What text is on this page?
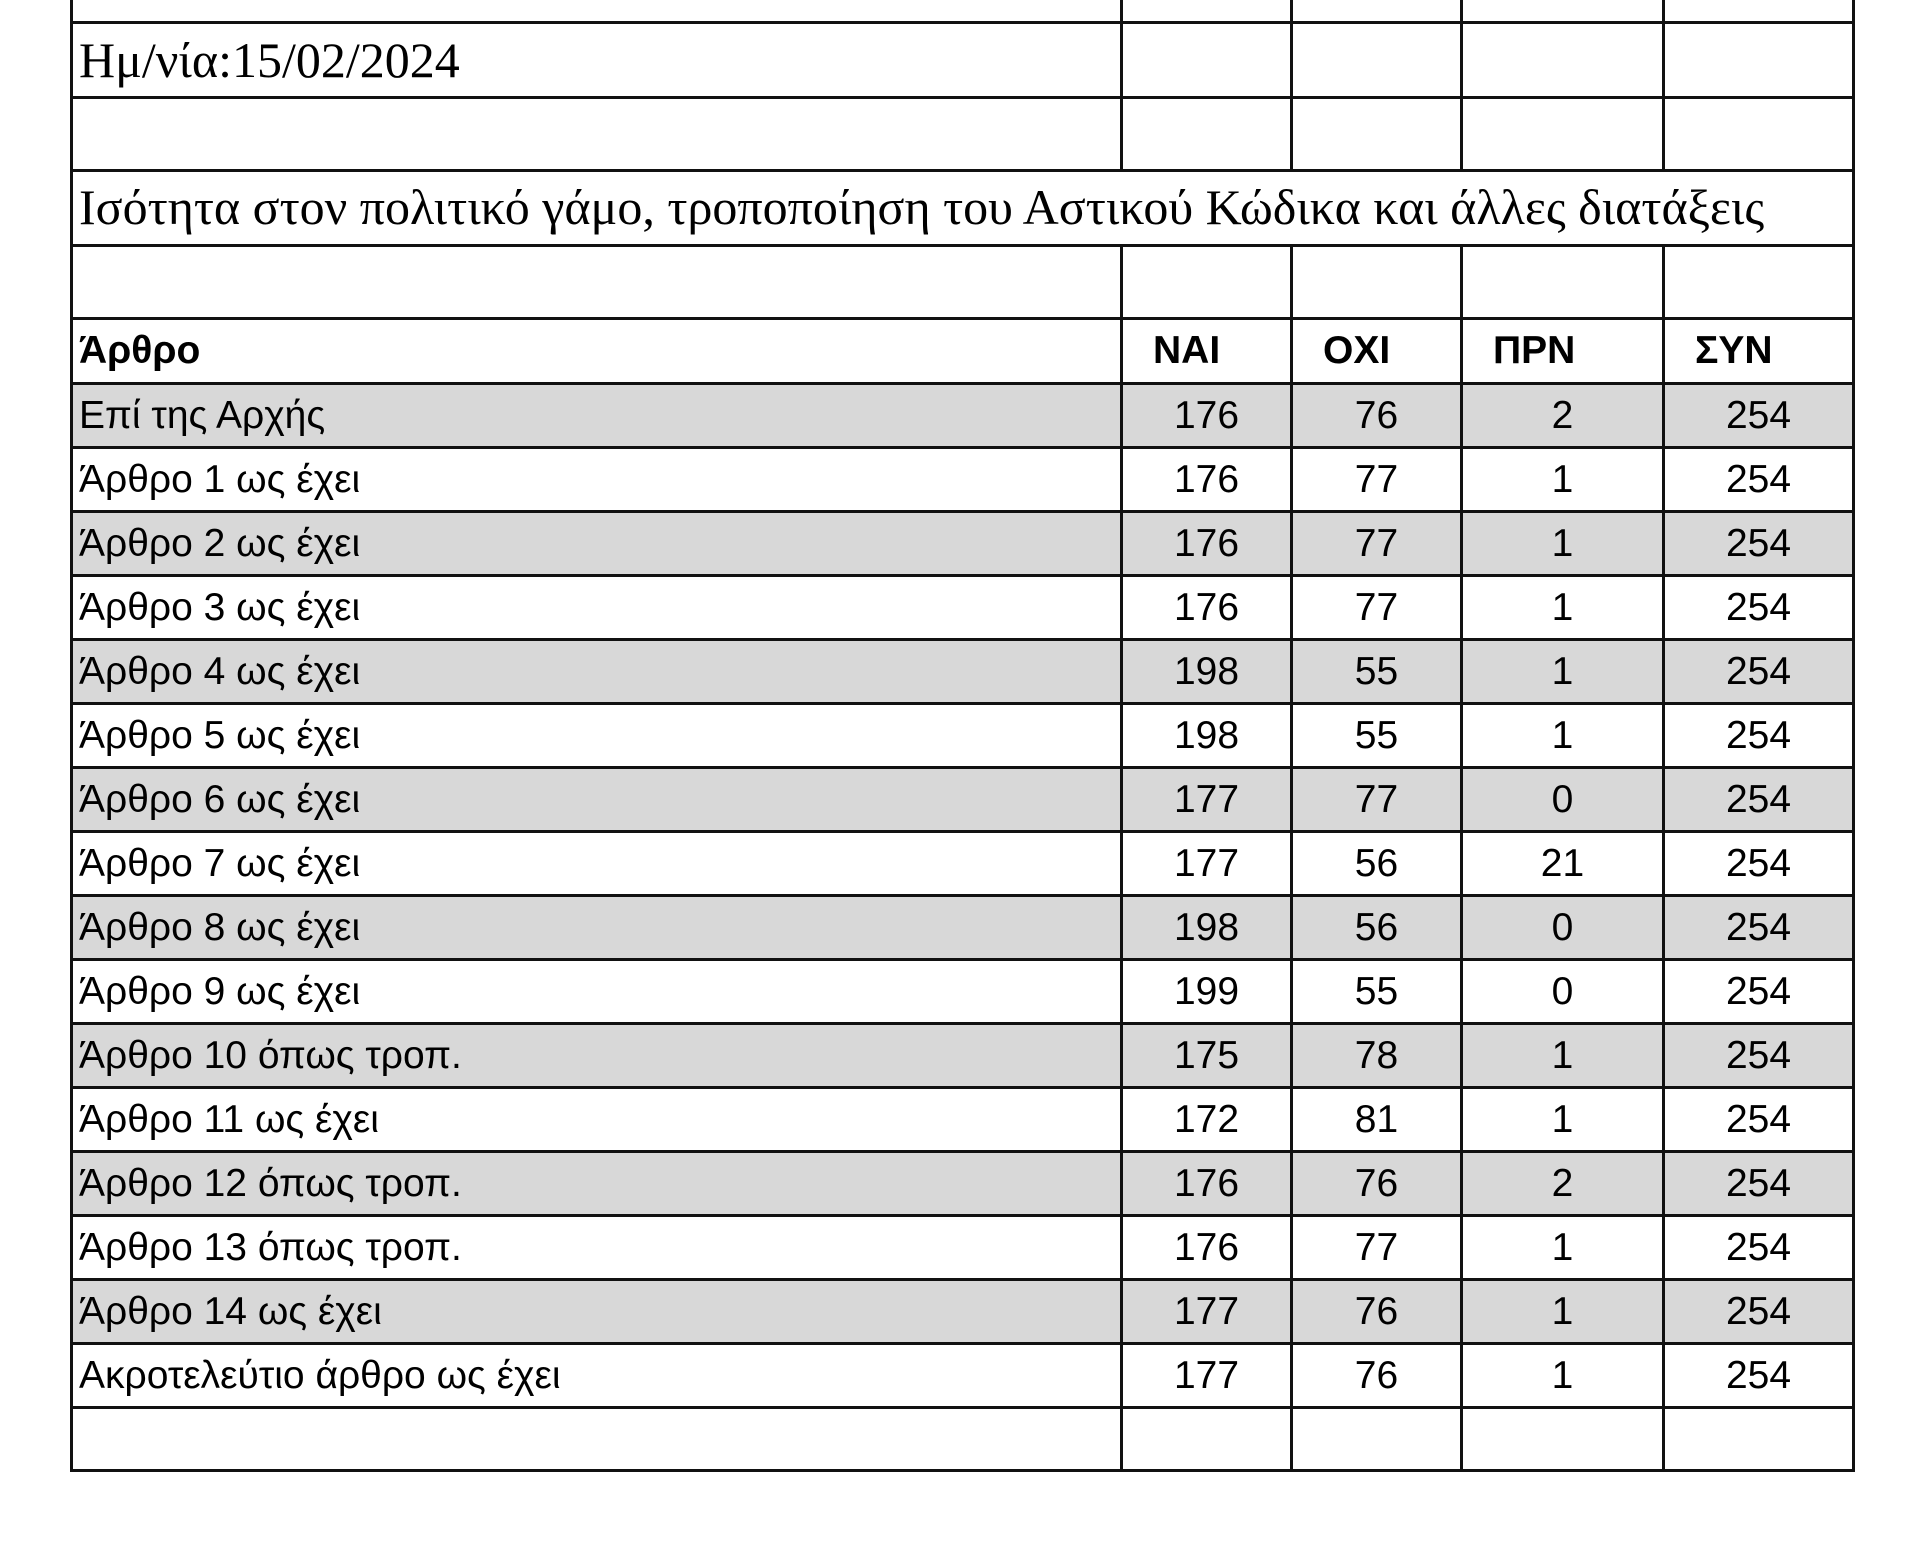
Ημ/νία:15/02/2024				

Ισότητα στον πολιτικό γάμο, τροποποίηση του Αστικού Κώδικα και άλλες διατάξεις				

Άρθρο	ΝΑΙ	ΟΧΙ	ΠΡΝ	ΣΥΝ
Επί της Αρχής	176	76	2	254
Άρθρο 1 ως έχει	176	77	1	254
Άρθρο 2 ως έχει	176	77	1	254
Άρθρο 3 ως έχει	176	77	1	254
Άρθρο 4 ως έχει	198	55	1	254
Άρθρο 5 ως έχει	198	55	1	254
Άρθρο 6 ως έχει	177	77	0	254
Άρθρο 7 ως έχει	177	56	21	254
Άρθρο 8 ως έχει	198	56	0	254
Άρθρο 9 ως έχει	199	55	0	254
Άρθρο 10 όπως τροπ.	175	78	1	254
Άρθρο 11 ως έχει	172	81	1	254
Άρθρο 12 όπως τροπ.	176	76	2	254
Άρθρο 13 όπως τροπ.	176	77	1	254
Άρθρο 14 ως έχει	177	76	1	254
Ακροτελεύτιο άρθρο ως έχει	177	76	1	254
